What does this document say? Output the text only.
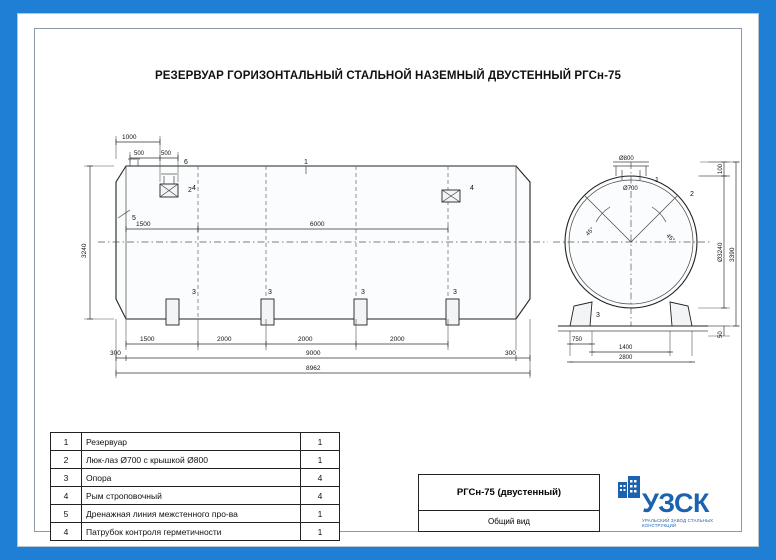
РЕЗЕРВУАР ГОРИЗОНТАЛЬНЫЙ СТАЛЬНОЙ НАЗЕМНЫЙ ДВУСТЕННЫЙ РГСн-75
1
2
6
4
5
4
3	3	3	3
1000
500	500
1500	6000
3240
1500	2000	2000	2000
300	9000	300
8962
45°
45°
1
2
3
Ø800
Ø700
100
Ø3240 3390
50
750
1400
2800
1	Резервуар	1
2	Люк-лаз Ø700 с крышкой Ø800	1
3	Опора	4
4	Рым строповочный	4
5	Дренажная линия межстенного про-ва	1
4	Патрубок контроля герметичности	1
РГСн-75 (двустенный)
Общий вид
УЗСК
УРАЛЬСКИЙ ЗАВОД СТАЛЬНЫХ КОНСТРУКЦИЙ
